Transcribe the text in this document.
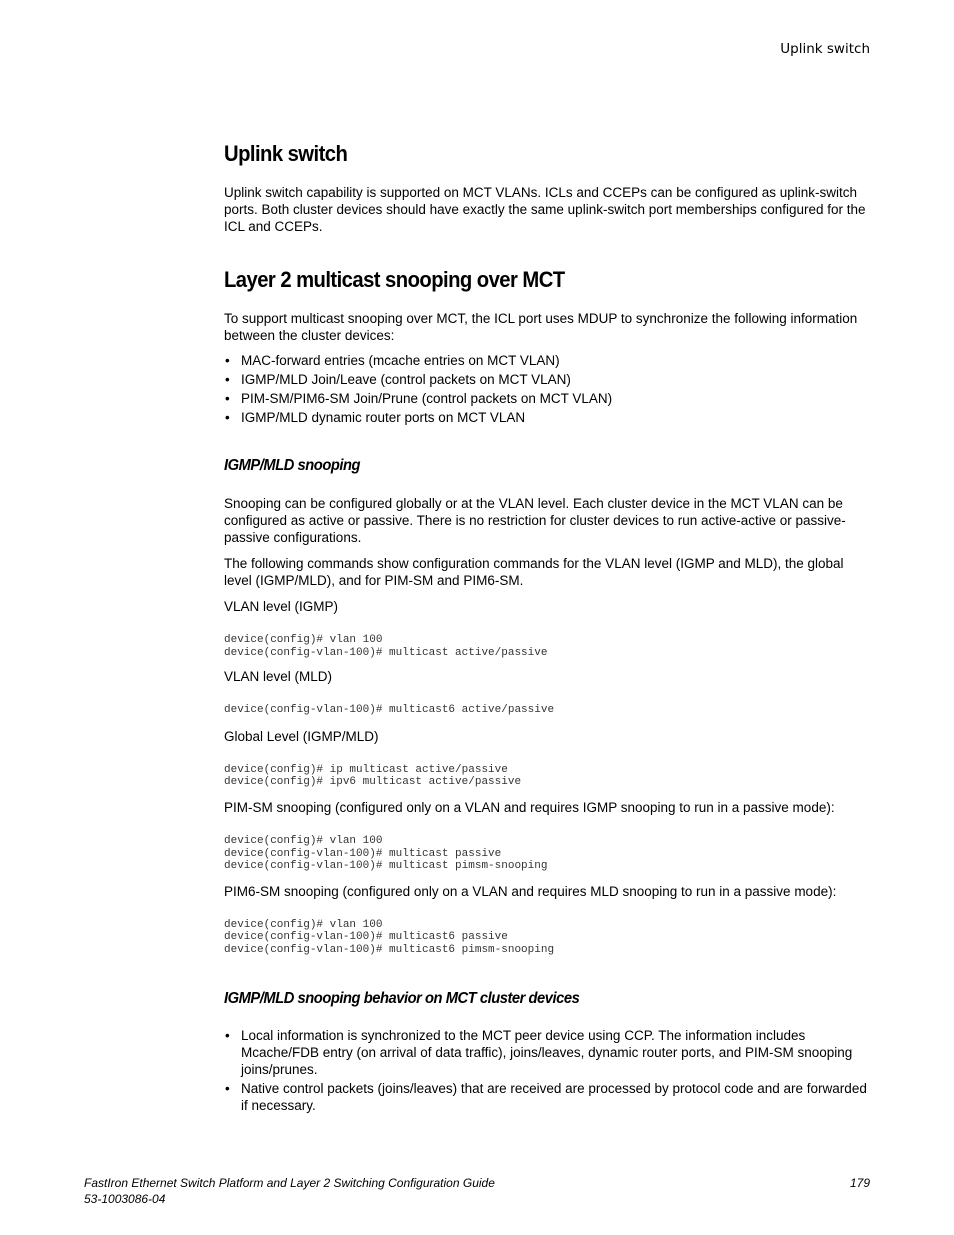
Uplink switch
Uplink switch

Uplink switch capability is supported on MCT VLANs. ICLs and CCEPs can be configured as uplink-switch ports. Both cluster devices should have exactly the same uplink-switch port memberships configured for the ICL and CCEPs.

Layer 2 multicast snooping over MCT

To support multicast snooping over MCT, the ICL port uses MDUP to synchronize the following information between the cluster devices:

• MAC-forward entries (mcache entries on MCT VLAN)
• IGMP/MLD Join/Leave (control packets on MCT VLAN)
• PIM-SM/PIM6-SM Join/Prune (control packets on MCT VLAN)
• IGMP/MLD dynamic router ports on MCT VLAN
IGMP/MLD snooping

Snooping can be configured globally or at the VLAN level. Each cluster device in the MCT VLAN can be configured as active or passive. There is no restriction for cluster devices to run active-active or passive-passive configurations.

The following commands show configuration commands for the VLAN level (IGMP and MLD), the global level (IGMP/MLD), and for PIM-SM and PIM6-SM.

VLAN level (IGMP)

device(config)# vlan 100
device(config-vlan-100)# multicast active/passive

VLAN level (MLD)

device(config-vlan-100)# multicast6 active/passive

Global Level (IGMP/MLD)

device(config)# ip multicast active/passive
device(config)# ipv6 multicast active/passive

PIM-SM snooping (configured only on a VLAN and requires IGMP snooping to run in a passive mode):

device(config)# vlan 100
device(config-vlan-100)# multicast passive
device(config-vlan-100)# multicast pimsm-snooping

PIM6-SM snooping (configured only on a VLAN and requires MLD snooping to run in a passive mode):

device(config)# vlan 100
device(config-vlan-100)# multicast6 passive
device(config-vlan-100)# multicast6 pimsm-snooping
IGMP/MLD snooping behavior on MCT cluster devices
• Local information is synchronized to the MCT peer device using CCP. The information includes Mcache/FDB entry (on arrival of data traffic), joins/leaves, dynamic router ports, and PIM-SM snooping joins/prunes.
• Native control packets (joins/leaves) that are received are processed by protocol code and are forwarded if necessary.
FastIron Ethernet Switch Platform and Layer 2 Switching Configuration Guide
53-1003086-04
179
